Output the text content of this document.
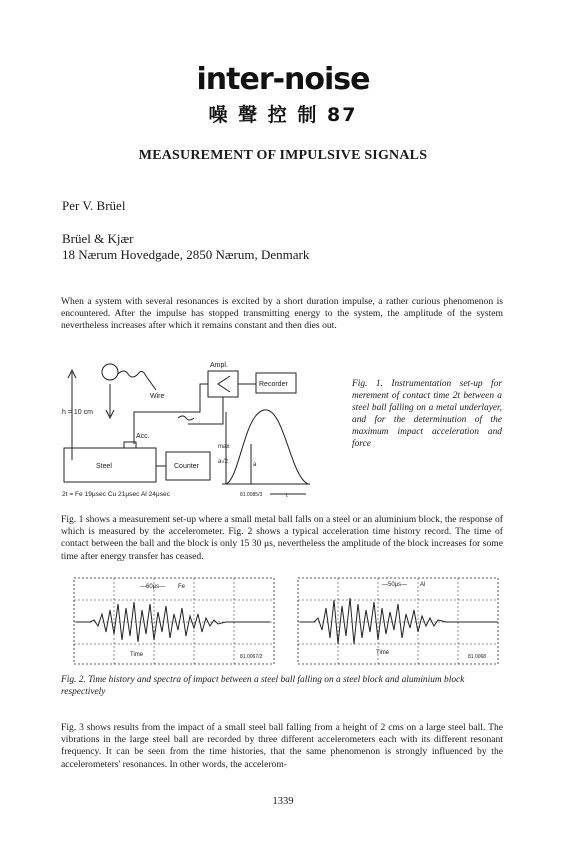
inter-noise
噪 聲 控 制 87
MEASUREMENT OF IMPULSIVE SIGNALS
Per V. Brüel
Brüel & Kjær
18 Nærum Hovedgade, 2850 Nærum, Denmark
When a system with several resonances is excited by a short duration impulse, a rather curious phenomenon is encountered. After the impulse has stopped transmitting energy to the system, the amplitude of the system nevertheless increases after which it remains constant and then dies out.
h = 10 cm
Wire
Ampl.
Recorder
Acc.
Steel	Counter
max
a√2	a
2t = Fe 19μsec Cu 21μsec Al 24μsec	81.0085/3	t
Fig. 1. Instrumentation set-up for merement of contact time 2t between a steel ball falling on a metal underlayer, and for the determinution of the maximum impact acceleration and force
Fig. 1 shows a measurement set-up where a small metal ball falls on a steel or an aluminium block, the response of which is measured by the accelerometer. Fig. 2 shows a typical acceleration time history record. The time of contact between the ball and the block is only 15 30 μs, nevertheless the amplitude of the block increases for some time after energy transfer has ceased.
—60μs— Fe
Time	81.0067/2
—50μs— Al
Time
81.0068
Fig. 2. Time history and spectra of impact between a steel ball falling on a steel block and aluminium block respectively
Fig. 3 shows results from the impact of a small steel ball falling from a height of 2 cms on a large steel ball. The vibrations in the large steel ball are recorded by three different accelerometers each with its different resonant frequency. It can be seen from the time histories, that the same phenomenon is strongly influenced by the accelerometers' resonances. In other words, the accelerom-
1339
